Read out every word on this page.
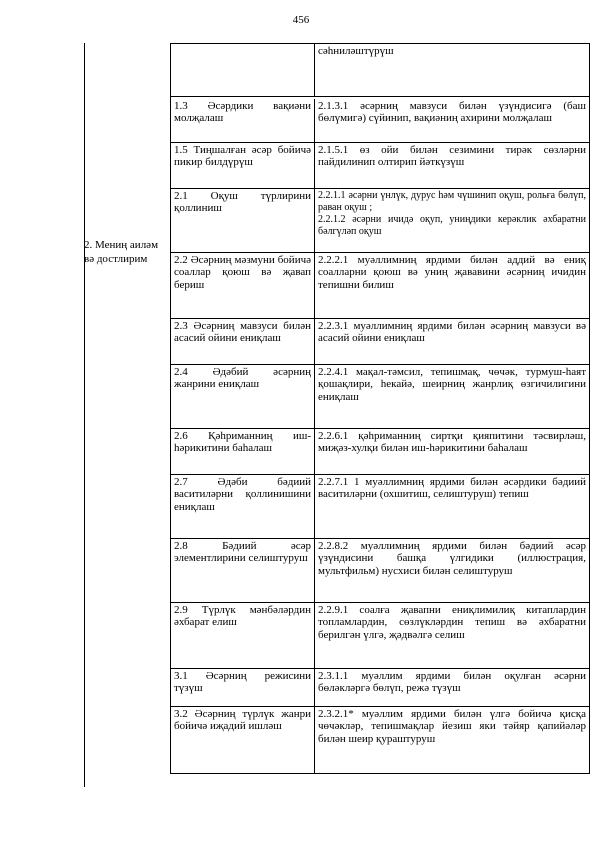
456
2. Мениң аилəм вə достлирим
сəһниләштүрүш
1.3 Әсәрдики вақиәни молҗалаш
2.1.3.1 әсәрниң мавзуси билән үзүндисигә (баш бөлүмигә) сүйинип, вақиәниң ахирини молҗалаш
1.5 Тиңшалған әсәр бойичә пикир билдүрүш
2.1.5.1 өз ойи билән сезимини тирәк сөзләрни пайдилинип олтирип йәткүзүш
2.1 Оқуш түрлирини қоллиниш
2.2.1.1 әсәрни үнлүк, дурус һәм чүшинип оқуш, рольға бөлүп, раван оқуш ;
2.2.1.2 әсәрни ичидә оқуп, униңдики керәклик әхбаратни бәлгүләп оқуш
2.2 Әсәрниң мәзмуни бойичә соаллар қоюш вә җавап бериш
2.2.2.1 муәллимниң ярдими билән аддий вә ениқ соалларни қоюш вә униң җававини әсәрниң ичидин тепишни билиш
2.3 Әсәрниң мавзуси билән асасий ойини ениқлаш
2.2.3.1 муәллимниң ярдими билән әсәрниң мавзуси вә асасий ойини ениқлаш
2.4 Әдәбий әсәрниң жанрини ениқлаш
2.2.4.1 мақал-тәмсил, тепишмақ, чөчәк, турмуш-һаят қошақлири, һекайә, шеирниң жанрлиқ өзгичилигини ениқлаш
2.6 Қәһриманниң иш-һәрикитини баһалаш
2.2.6.1 қәһриманниң сиртқи қияпитини тәсвирләш, миҗәз-хулқи билән иш-һәрикитини баһалаш
2.7 Әдәби бәдиий васитиләрни қоллинишини ениқлаш
2.2.7.1 1 муәллимниң ярдими билән әсәрдики бәдиий васитиләрни (охшитиш, селиштуруш) тепиш
2.8 Бәдиий әсәр элементлирини селиштуруш
2.2.8.2 муәллимниң ярдими билән бәдиий әсәр үзүндисини башқа үлгидики (иллюстрация, мультфильм) нусхиси билән селиштуруш
2.9 Түрлүк мәнбәләрдин әхбарат елиш
2.2.9.1 соалға җавапни ениқлимилиқ китаплардин топламлардин, сөзлүкләрдин тепиш вә әхбаратни берилгән үлгә, җәдвәлгә селиш
3.1 Әсәрниң режисини түзүш
2.3.1.1 муәллим ярдими билән оқулған әсәрни бөләкләргә бөлүп, режә түзүш
3.2 Әсәрниң түрлүк жанри бойичә иҗадий ишләш
2.3.2.1* муәллим ярдими билән үлгә бойичә қисқа чөчәкләр, тепишмақлар йезиш яки тәйяр қапийәләр билән шеир қураштуруш
